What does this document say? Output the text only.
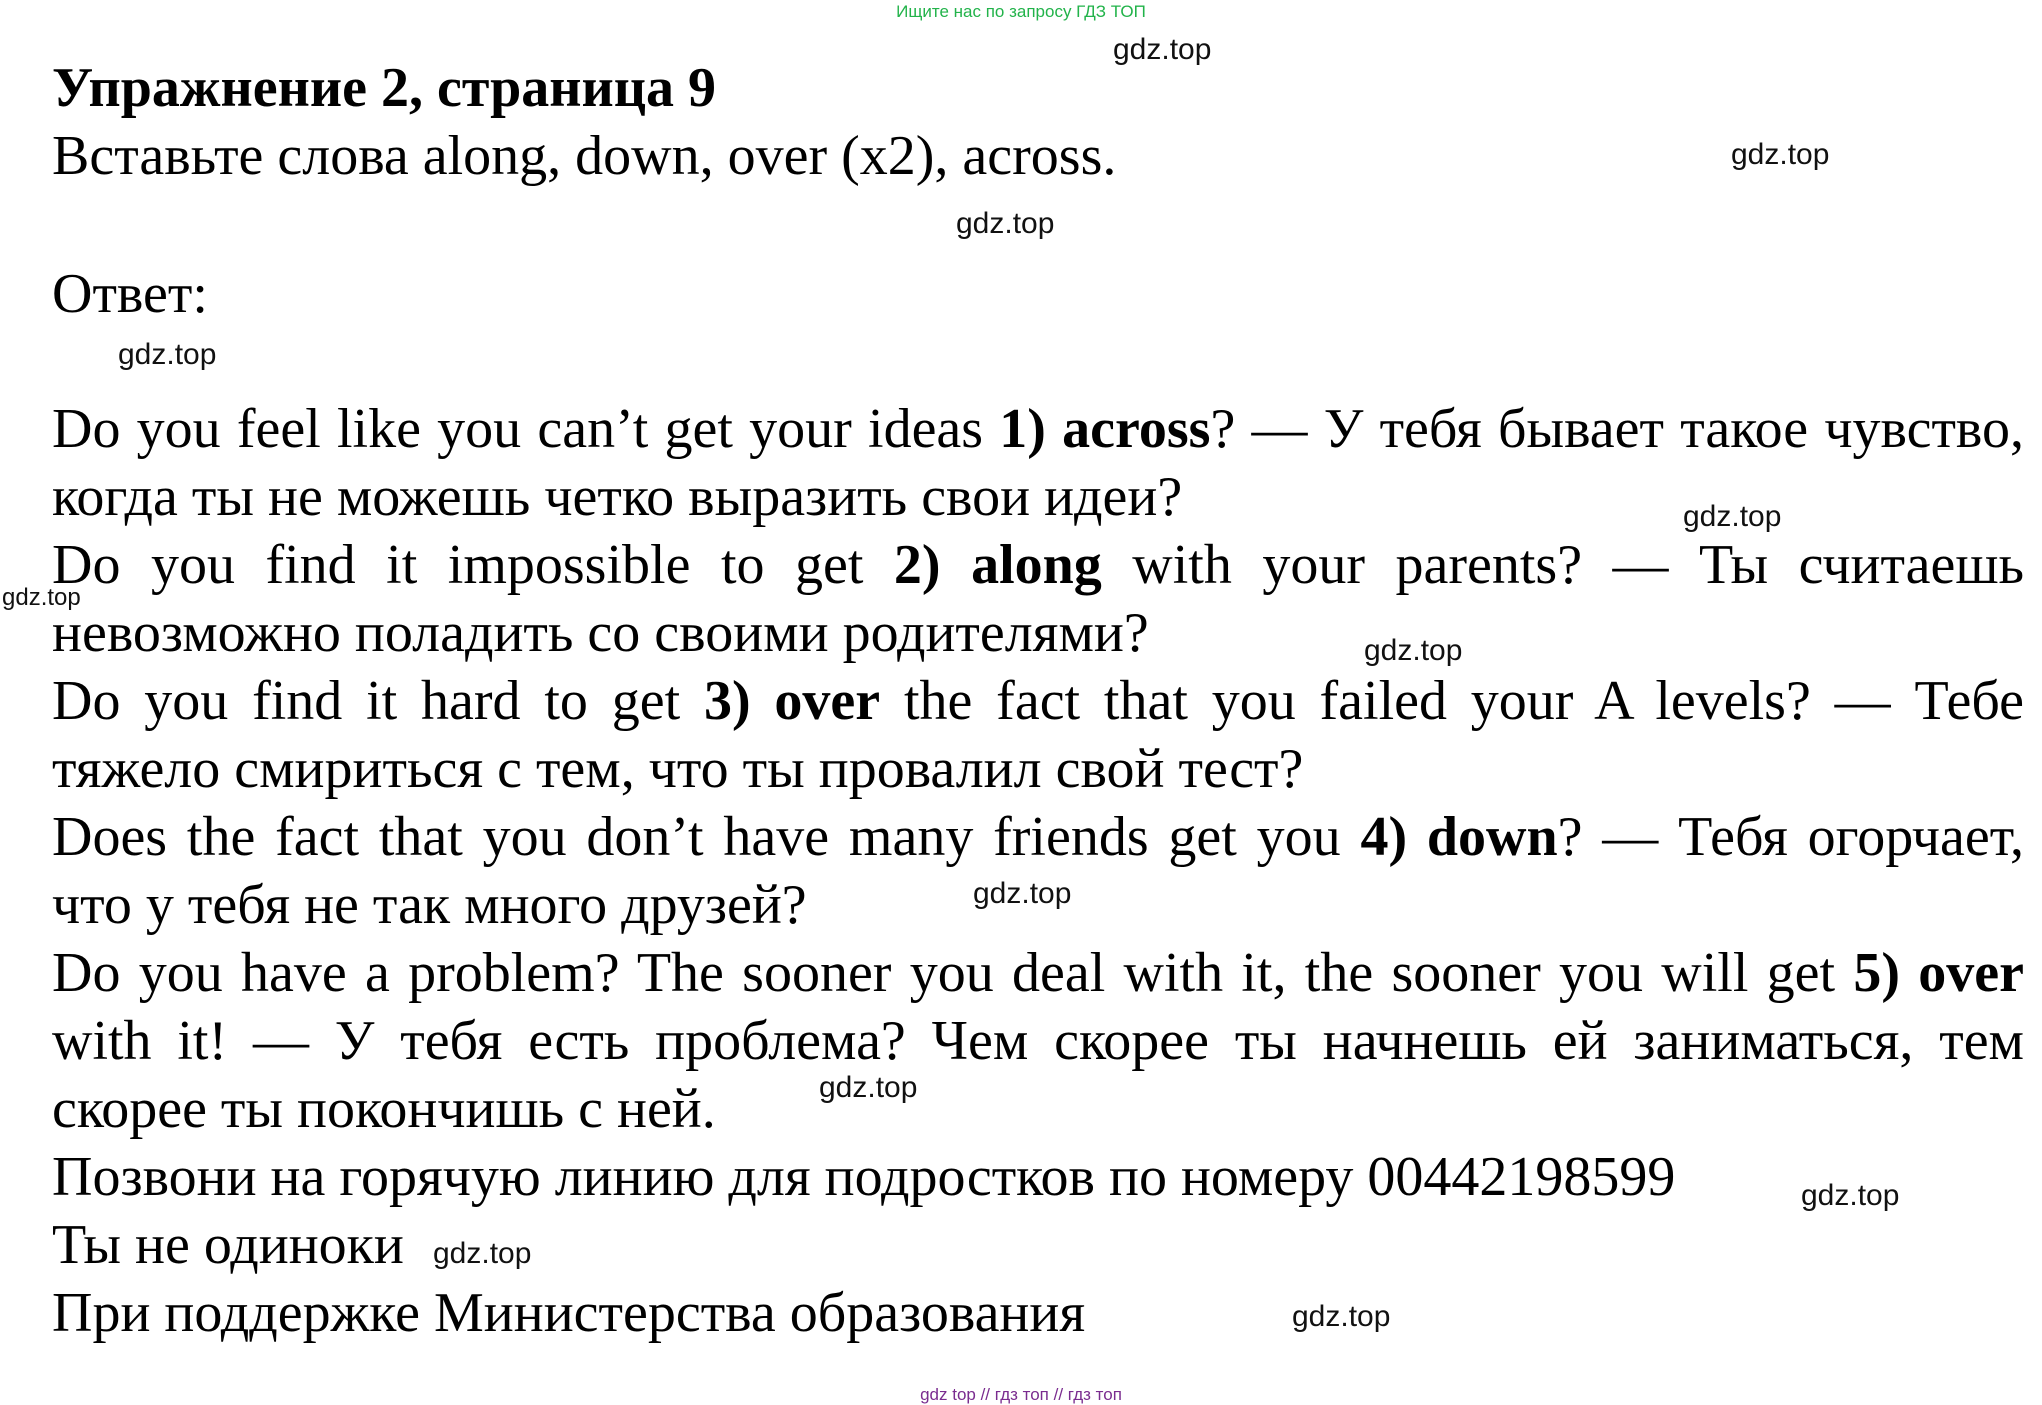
Ищите нас по запросу ГДЗ ТОП
Упражнение 2, страница 9
Вставьте слова along, down, over (x2), across.
Ответ:

Do you feel like you can’t get your ideas 1) across? — У тебя бывает такое чувство, когда ты не можешь четко выразить свои идеи?

Do you find it impossible to get 2) along with your parents? — Ты считаешь невозможно поладить со своими родителями?

Do you find it hard to get 3) over the fact that you failed your A levels? — Тебе тяжело смириться с тем, что ты провалил свой тест?

Does the fact that you don’t have many friends get you 4) down? — Тебя огорчает, что у тебя не так много друзей?

Do you have a problem? The sooner you deal with it, the sooner you will get 5) over with it! — У тебя есть проблема? Чем скорее ты начнешь ей заниматься, тем скорее ты покончишь с ней.

Позвони на горячую линию для подростков по номеру 00442198599

Ты не одиноки

При поддержке Министерства образования

gdz.top
gdz.top
gdz.top
gdz.top
gdz.top
gdz.top
gdz.top
gdz.top
gdz.top
gdz.top
gdz.top
gdz.top
gdz top // гдз топ // гдз топ
